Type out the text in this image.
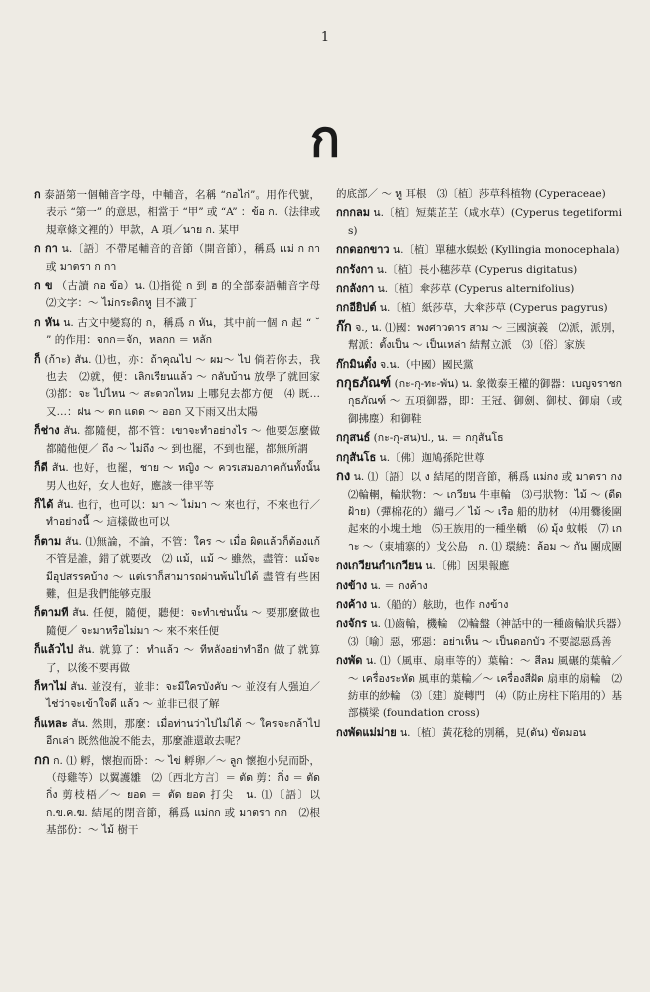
1
ก

ก 泰語第一個輔音字母，中輔音，名稱 “กอไก่”。用作代號，表示 “第一” 的意思，相當于 “甲” 或 “A” ：ข้อ ก.（法律或規章條文裡的）甲款，A 項／นาย ก. 某甲

ก กา น.〔語〕不帶尾輔音的音節（開音節），稱爲 แม่ ก กา 或 มาตรา ก กา

ก ข （古讀 กอ ข้อ）น. ⑴指從 ก 到 ฮ 的全部泰語輔音字母　⑵文字：～ ไม่กระดิกหู 目不識丁

ก หัน น. 古文中變寫的 ก，稱爲 ก หัน，其中前一個 ก 起 “ ˘ ” 的作用：จกก＝จัก，หลกก ＝ หลัก

ก็ (ก้าะ) สัน. ⑴也，亦：ถ้าคุณไป ～ ผม～ ไป 倘若你去，我也去　⑵就，便：เลิกเรียนแล้ว ～ กลับบ้าน 放學了就回家　⑶都：จะ ไปไหน ～ สะดวกไหม 上哪兒去都方便　⑷ 既…又…：ฝน ～ ตก แดด ～ ออก 又下雨又出太陽

ก็ช่าง สัน. 都隨便，都不管：เขาจะทำอย่างไร ～ 他要怎麼做都隨他便／ ถึง ～ ไม่ถึง ～ 到也罷，不到也罷，都無所謂

ก็ดี สัน. 也好，也罷，ชาย ～ หญิง ～ ควรเสมอภาคกันทั้งนั้น 男人也好，女人也好，應該一律平等

ก็ได้ สัน. 也行，也可以：มา ～ ไม่มา ～ 來也行，不來也行／ ทำอย่างนี้ ～ 這樣做也可以

ก็ตาม สัน. ⑴無論，不論，不管：ใคร ～ เมื่อ ผิดแล้วก็ต้องแก้ 不管是誰，錯了就要改　⑵ แม้，แม้ ～ 雖然，盡管：แม้จะมีอุปสรรคบ้าง ～ แต่เราก็สามารถผ่านพ้นไปได้ 盡管有些困難，但是我們能够克服

ก็ตามที สัน. 任便，隨便，聽便：จะทำเช่นนั้น ～ 要那麼做也隨便／ จะมาหรือไม่มา ～ 來不來任便

ก็แล้วไป สัน. 就算了：ทำแล้ว ～ ทีหลังอย่าทำอีก 做了就算了，以後不要再做

ก็หาไม่ สัน. 並沒有，並非：จะมีใครบังคับ ～ 並沒有人强迫／ ไช่ว่าจะเข้าใจดี แล้ว ～ 並非已很了解

ก็แหละ สัน. 然則，那麼：เมื่อท่านว่าไปไม่ได้ ～ ใครจะกล้าไปอีกเล่า 既然他說不能去，那麼誰還敢去呢？

กก ก. ⑴ 孵，懷抱而卧：～ ไข่ 孵卵／～ ลูก 懷抱小兒而卧，（母雞等）以翼護雛　⑵〔西北方言〕＝ ตัด 剪：กิ่ง ＝ ตัดกิ่ง 剪枝梧／～ ยอด ＝ ตัด ยอด 打尖　น. ⑴〔語〕以 ก.ข.ค.ฆ. 結尾的閉音節，稱爲 แม่กก 或 มาตรา กก　⑵根基部份：～ ไม้ 樹干

的底部／ ～ หู 耳根　⑶〔植〕莎草科植物 (Cyperaceae)

กกกลม น.〔植〕短葉芷芏（咸水草）(Cyperus tegetiformis)

กกดอกขาว น.〔植〕單穗水蜈蚣 (Kyllingia monocephala)

กกรังกา น.〔植〕長小穗莎草 (Cyperus digitatus)

กกลังกา น.〔植〕傘莎草 (Cyperus alternifolius)

กกอียิปต์ น.〔植〕紙莎草，大傘莎草 (Cyperus pagyrus)

ก๊ก จ., น. ⑴國：พงศาวดาร สาม ～ 三國演義　⑵派，派別，幫派：ตั้งเป็น ～ เป็นเหล่า 結幫立派　⑶〔俗〕家族

ก๊กมินตั๋ง จ.น.（中國）國民黨

กกุธภัณฑ์ (กะ-กุ-ทะ-พัน) น. 象徵泰王權的御器：เบญจราชกกุธภัณฑ์ ～ 五項御器，即：王冠、御劍、御杖、御扇（或御拂塵）和御鞋

กกุสนธ์ (กะ-กุ-สน)ป., น. ＝ กกุสันโธ

กกุสันโธ น.〔佛〕迦鳩孫陀世尊

กง น. ⑴〔語〕以 ง 結尾的閉音節，稱爲 แม่กง 或 มาตรา กง　⑵輪輞，輪狀物：～ เกวียน 牛車輪　⑶弓狀物：ไม้ ～ (ดีดฝ้าย)（彈棉花的）繃弓／ ไม้ ～ เรือ 船的肋材　⑷用爨後圍起來的小塊土地　⑸王族用的一種坐轎　⑹ มุ้ง 蚊帳　⑺ เกาะ ～（東埔寨的）戈公島　ก. ⑴ 環繞：ล้อม ～ กัน 團成團

กงเกวียนกำเกวียน น.〔佛〕因果報應

กงข้าง น. ＝ กงค้าง

กงค้าง น.（船的）舷助，也作 กงข้าง

กงจักร น. ⑴齒輪，機輪　⑵輪盤（神話中的一種齒輪狀兵器）　⑶〔喻〕惡，邪惡：อย่าเห็น ～ เป็นดอกบัว 不要認惡爲善

กงพัด น. ⑴（風車、扇車等的）葉輪：～ สีลม 風碾的葉輪／～ เครื่องระหัด 風車的葉輪／～ เครื่องสีฝัด 扇車的扇輪　⑵紡車的紗輪　⑶〔建〕旋轉門　⑷（防止房柱下陷用的）基部橫梁 (foundation cross)

กงพัดแม่ม่าย น.〔植〕黃花稔的別稱，見(ดัน) ขัดมอน
